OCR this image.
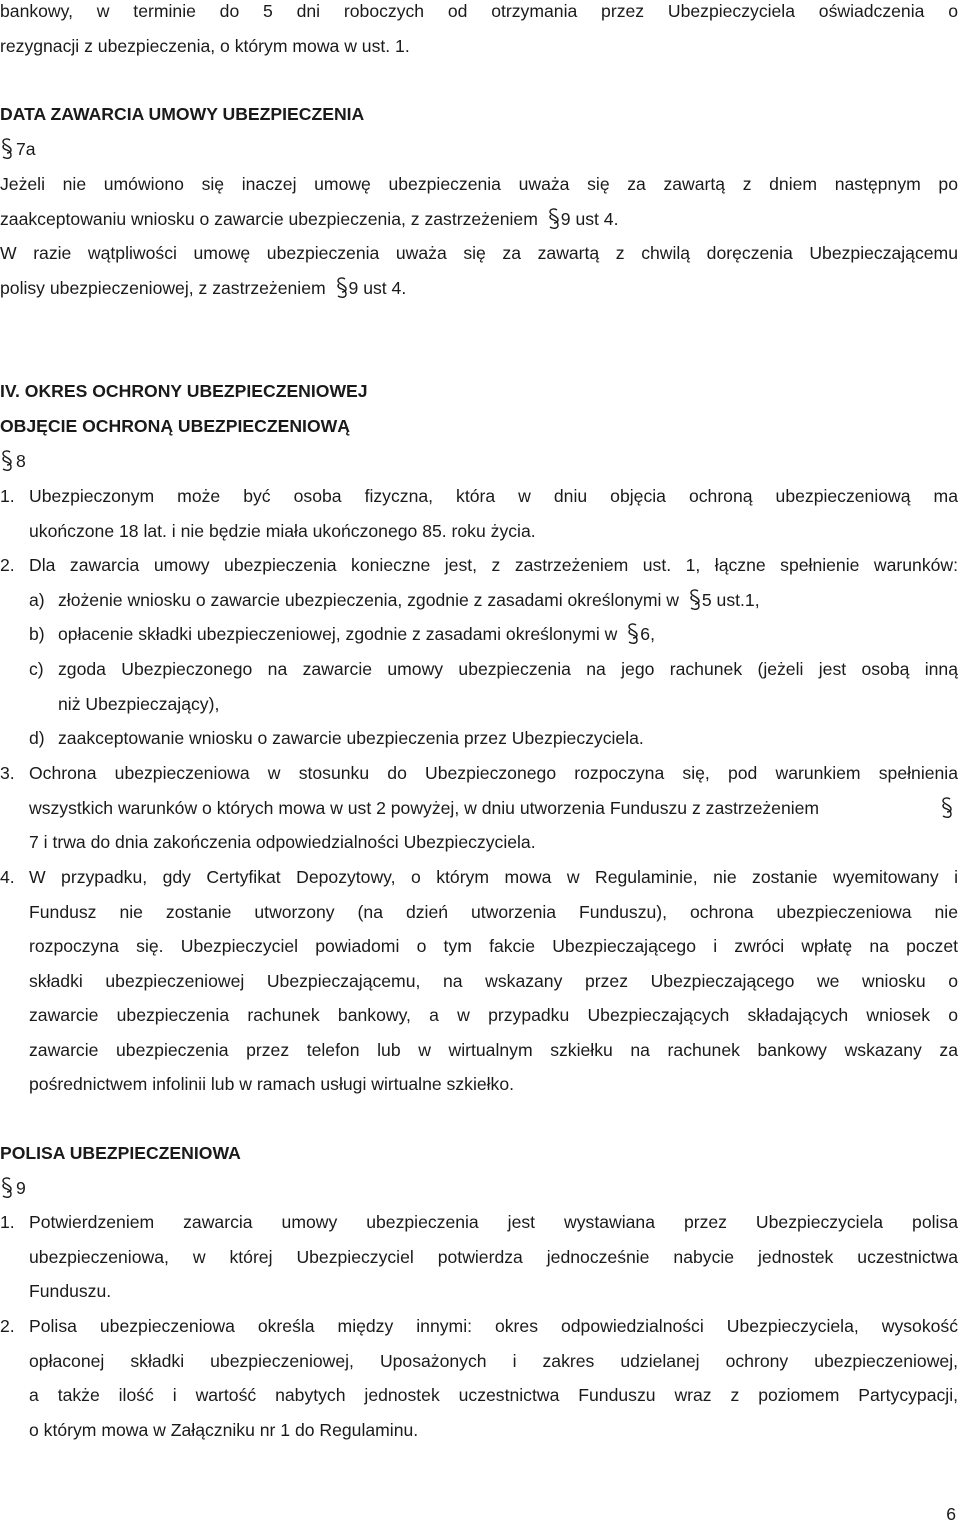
bankowy, w terminie do 5 dni roboczych od otrzymania przez Ubezpieczyciela oświadczenia o
rezygnacji z ubezpieczenia, o którym mowa w ust. 1.
DATA ZAWARCIA UMOWY UBEZPIECZENIA
7a
Jeżeli nie umówiono się inaczej umowę ubezpieczenia uważa się za zawartą z dniem następnym po
zaakceptowaniu wniosku o zawarcie ubezpieczenia, z zastrzeżeniem 9 ust 4.
W razie wątpliwości umowę ubezpieczenia uważa się za zawartą z chwilą doręczenia Ubezpieczającemu
polisy ubezpieczeniowej, z zastrzeżeniem 9 ust 4.
IV. OKRES OCHRONY UBEZPIECZENIOWEJ
OBJĘCIE OCHRONĄ UBEZPIECZENIOWĄ
8
1. Ubezpieczonym może być osoba fizyczna, która w dniu objęcia ochroną ubezpieczeniową ma
ukończone 18 lat. i nie będzie miała ukończonego 85. roku życia.
2. Dla zawarcia umowy ubezpieczenia konieczne jest, z zastrzeżeniem ust. 1, łączne spełnienie warunków:
a) złożenie wniosku o zawarcie ubezpieczenia, zgodnie z zasadami określonymi w 5 ust.1,
b) opłacenie składki ubezpieczeniowej, zgodnie z zasadami określonymi w 6,
c) zgoda Ubezpieczonego na zawarcie umowy ubezpieczenia na jego rachunek (jeżeli jest osobą inną
niż Ubezpieczający),
d) zaakceptowanie wniosku o zawarcie ubezpieczenia przez Ubezpieczyciela.
3. Ochrona ubezpieczeniowa w stosunku do Ubezpieczonego rozpoczyna się, pod warunkiem spełnienia
wszystkich warunków o których mowa w ust 2 powyżej, w dniu utworzenia Funduszu z zastrzeżeniem
7 i trwa do dnia zakończenia odpowiedzialności Ubezpieczyciela.
4. W przypadku, gdy Certyfikat Depozytowy, o którym mowa w Regulaminie, nie zostanie wyemitowany i
Fundusz nie zostanie utworzony (na dzień utworzenia Funduszu), ochrona ubezpieczeniowa nie
rozpoczyna się. Ubezpieczyciel powiadomi o tym fakcie Ubezpieczającego i zwróci wpłatę na poczet
składki ubezpieczeniowej Ubezpieczającemu, na wskazany przez Ubezpieczającego we wniosku o
zawarcie ubezpieczenia rachunek bankowy, a w przypadku Ubezpieczających składających wniosek o
zawarcie ubezpieczenia przez telefon lub w wirtualnym szkiełku na rachunek bankowy wskazany za
pośrednictwem infolinii lub w ramach usługi wirtualne szkiełko.
POLISA UBEZPIECZENIOWA
9
1. Potwierdzeniem zawarcia umowy ubezpieczenia jest wystawiana przez Ubezpieczyciela polisa
ubezpieczeniowa, w której Ubezpieczyciel potwierdza jednocześnie nabycie jednostek uczestnictwa
Funduszu.
2. Polisa ubezpieczeniowa określa między innymi: okres odpowiedzialności Ubezpieczyciela, wysokość
opłaconej składki ubezpieczeniowej, Uposażonych i zakres udzielanej ochrony ubezpieczeniowej,
a także ilość i wartość nabytych jednostek uczestnictwa Funduszu wraz z poziomem Partycypacji,
o którym mowa w Załączniku nr 1 do Regulaminu.
6
